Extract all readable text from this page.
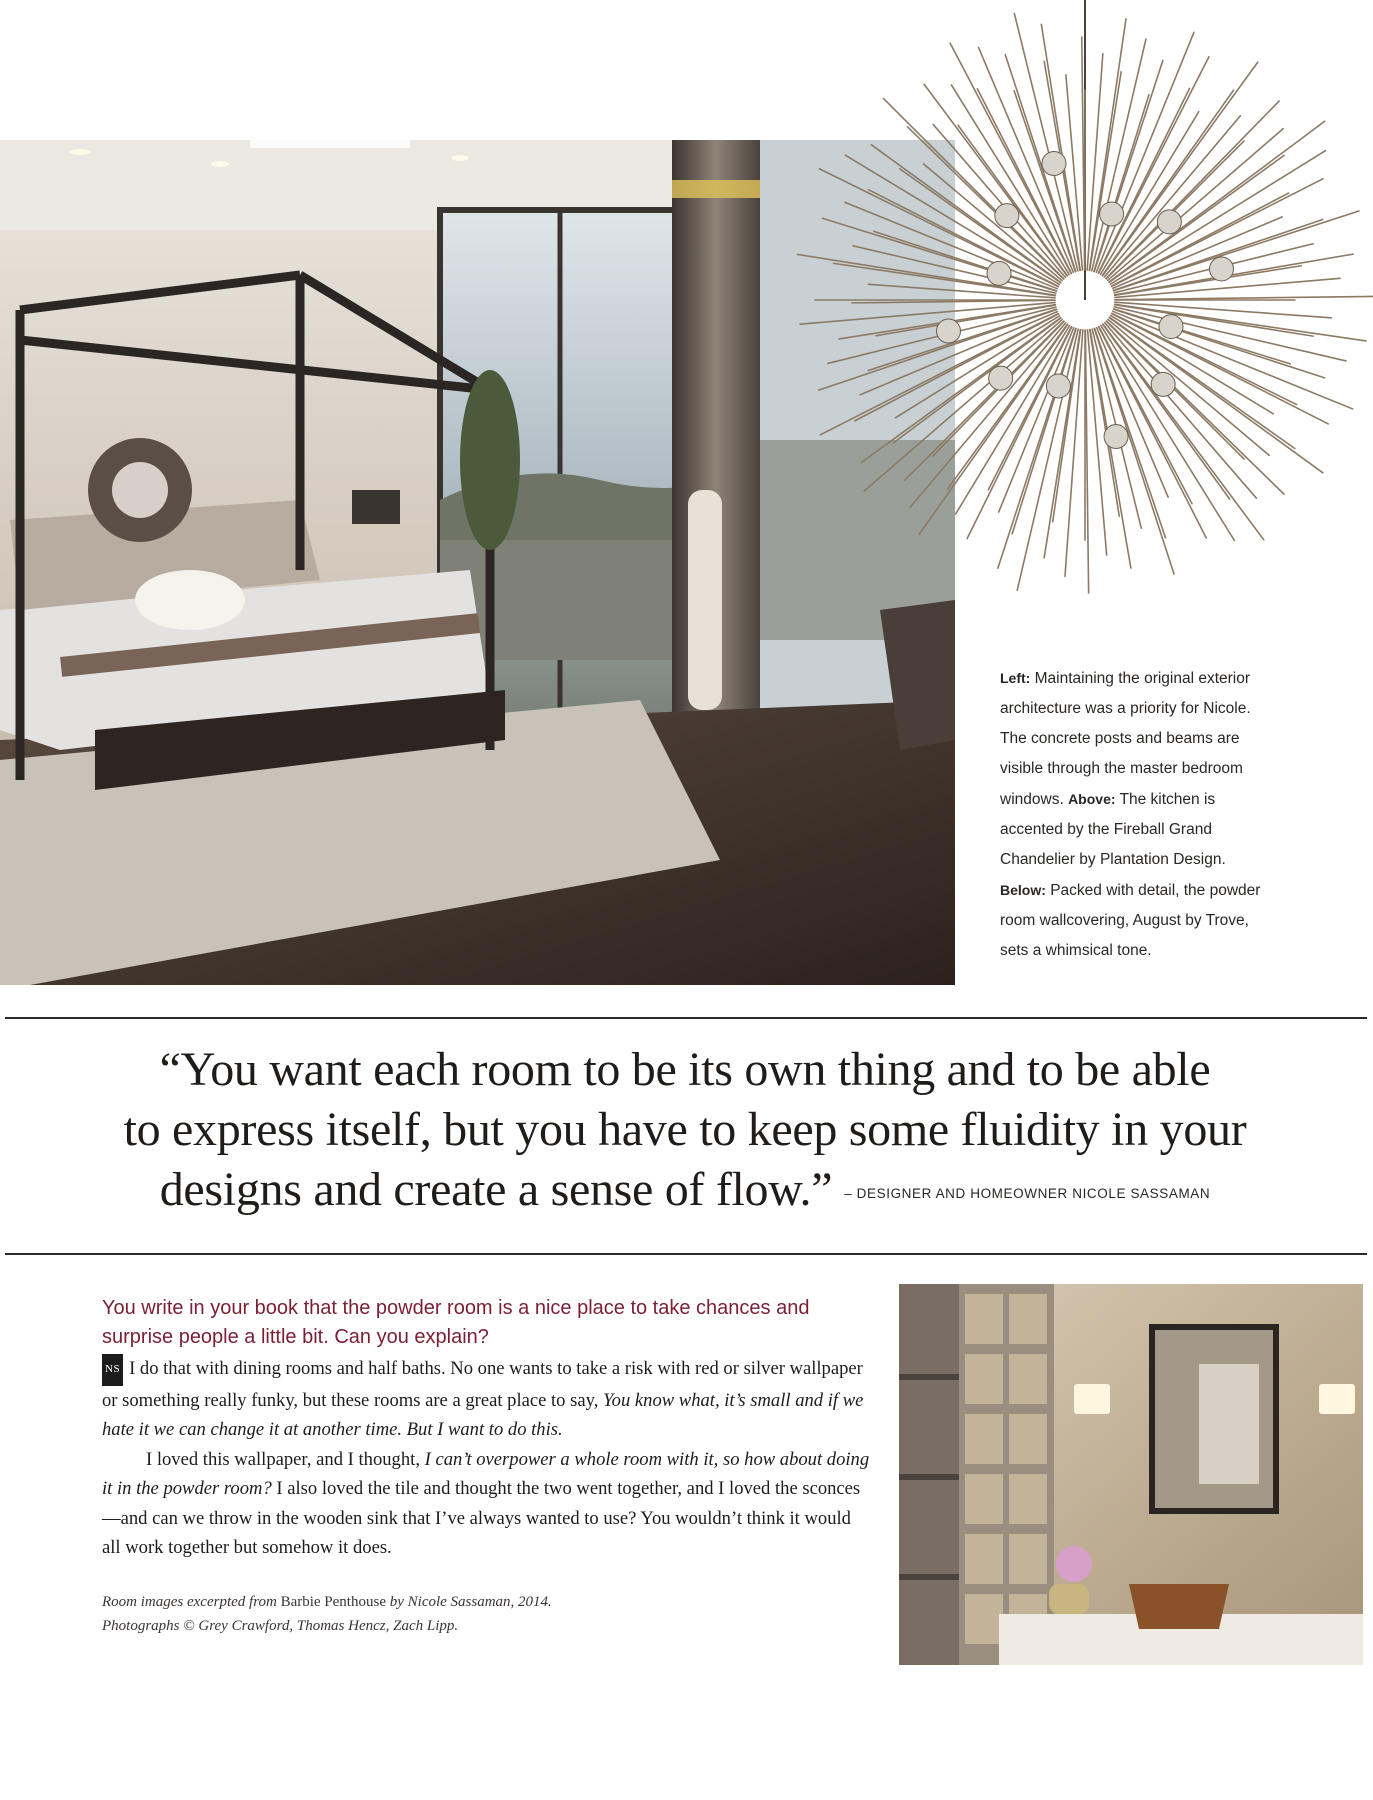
Left: Maintaining the original exterior architecture was a priority for Nicole. The concrete posts and beams are visible through the master bedroom windows. Above: The kitchen is accented by the Fireball Grand Chandelier by Plantation Design. Below: Packed with detail, the powder room wallcovering, August by Trove, sets a whimsical tone.
“You want each room to be its own thing and to be able
to express itself, but you have to keep some fluidity in your
designs and create a sense of flow.” – DESIGNER AND HOMEOWNER NICOLE SASSAMAN
You write in your book that the powder room is a nice place to take chances and surprise people a little bit. Can you explain?

NS I do that with dining rooms and half baths. No one wants to take a risk with red or silver wallpaper or something really funky, but these rooms are a great place to say, You know what, it’s small and if we hate it we can change it at another time. But I want to do this.

I loved this wallpaper, and I thought, I can’t overpower a whole room with it, so how about doing it in the powder room? I also loved the tile and thought the two went together, and I loved the sconces—and can we throw in the wooden sink that I’ve always wanted to use? You wouldn’t think it would all work together but somehow it does.

Room images excerpted from Barbie Penthouse by Nicole Sassaman, 2014.
Photographs © Grey Crawford, Thomas Hencz, Zach Lipp.
